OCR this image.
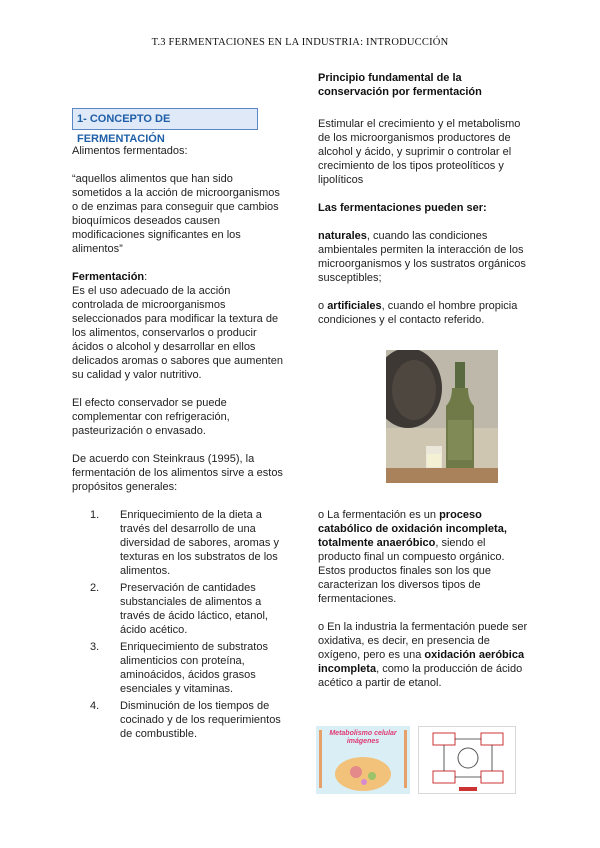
T.3 FERMENTACIONES EN LA INDUSTRIA: INTRODUCCIÓN
1- CONCEPTO DE FERMENTACIÓN

Alimentos fermentados:

“aquellos alimentos que han sido sometidos a la acción de microorganismos o de enzimas para conseguir que cambios bioquímicos deseados causen modificaciones significantes en los alimentos”

Fermentación:

Es el uso adecuado de la acción controlada de microorganismos seleccionados para modificar la textura de los alimentos, conservarlos o producir ácidos o alcohol y desarrollar en ellos delicados aromas o sabores que aumenten su calidad y valor nutritivo.

El efecto conservador se puede complementar con refrigeración, pasteurización o envasado.

De acuerdo con Steinkraus (1995), la fermentación de los alimentos sirve a estos propósitos generales:

1. Enriquecimiento de la dieta a través del desarrollo de una diversidad de sabores, aromas y texturas en los substratos de los alimentos.
2. Preservación de cantidades substanciales de alimentos a través de ácido láctico, etanol, ácido acético.
3. Enriquecimiento de substratos alimenticios con proteína, aminoácidos, ácidos grasos esenciales y vitaminas.
4. Disminución de los tiempos de cocinado y de los requerimientos de combustible.

Principio fundamental de la conservación por fermentación

Estimular el crecimiento y el metabolismo de los microorganismos productores de alcohol y ácido, y suprimir o controlar el crecimiento de los tipos proteolíticos y lipolíticos

Las fermentaciones pueden ser:

naturales, cuando las condiciones ambientales permiten la interacción de los microorganismos y los sustratos orgánicos susceptibles;

o artificiales, cuando el hombre propicia condiciones y el contacto referido.

o La fermentación es un proceso catabólico de oxidación incompleta, totalmente anaeróbico, siendo el producto final un compuesto orgánico. Estos productos finales son los que caracterizan los diversos tipos de fermentaciones.

o En la industria la fermentación puede ser oxidativa, es decir, en presencia de oxígeno, pero es una oxidación aeróbica incompleta, como la producción de ácido acético a partir de etanol.

Metabolismo celular imágenes
